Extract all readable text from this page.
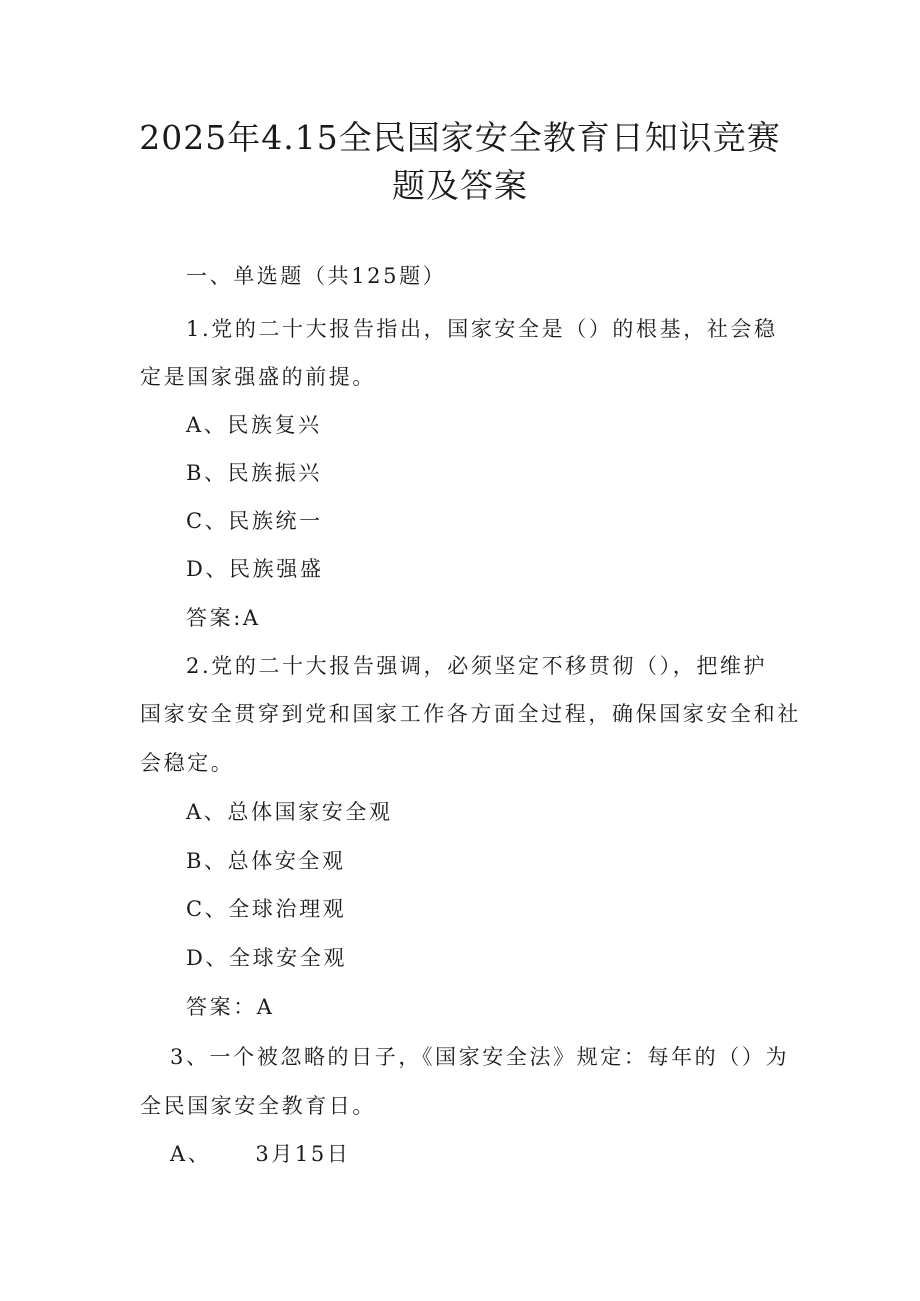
2025年4.15全民国家安全教育日知识竞赛
题及答案

一、单选题（共125题）

1.党的二十大报告指出，国家安全是（）的根基，社会稳

定是国家强盛的前提。

A、民族复兴

B、民族振兴

C、民族统一

D、民族强盛

答案:A

2.党的二十大报告强调，必须坚定不移贯彻（），把维护

国家安全贯穿到党和国家工作各方面全过程，确保国家安全和社

会稳定。

A、总体国家安全观

B、总体安全观

C、全球治理观

D、全球安全观

答案：A

3、一个被忽略的日子，《国家安全法》规定：每年的（）为

全民国家安全教育日。

A、 3月15日
